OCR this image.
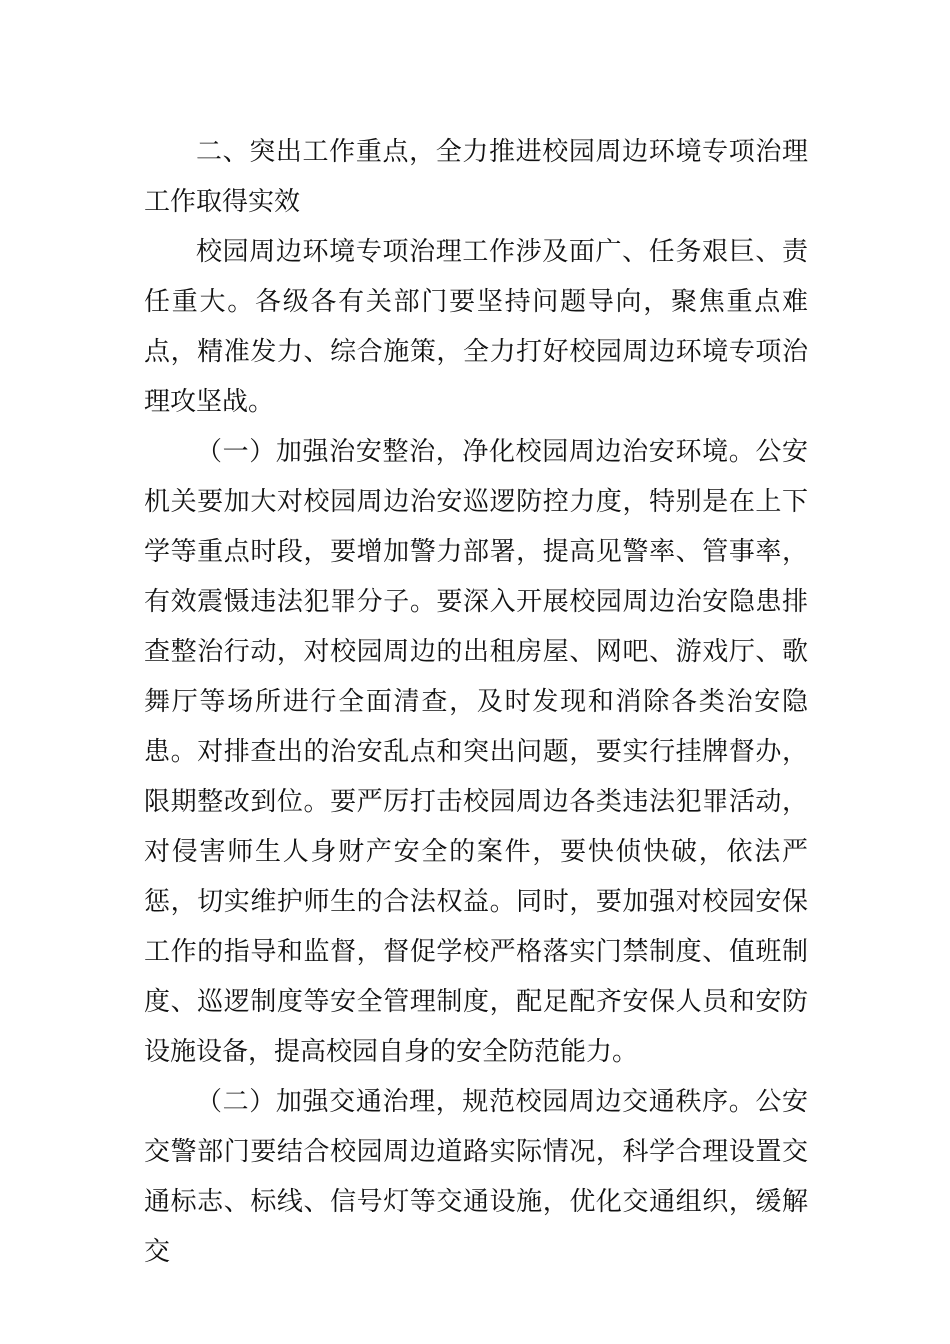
二、突出工作重点，全力推进校园周边环境专项治理工作取得实效

校园周边环境专项治理工作涉及面广、任务艰巨、责任重大。各级各有关部门要坚持问题导向，聚焦重点难点，精准发力、综合施策，全力打好校园周边环境专项治理攻坚战。

（一）加强治安整治，净化校园周边治安环境。公安机关要加大对校园周边治安巡逻防控力度，特别是在上下学等重点时段，要增加警力部署，提高见警率、管事率，有效震慑违法犯罪分子。要深入开展校园周边治安隐患排查整治行动，对校园周边的出租房屋、网吧、游戏厅、歌舞厅等场所进行全面清查，及时发现和消除各类治安隐患。对排查出的治安乱点和突出问题，要实行挂牌督办，限期整改到位。要严厉打击校园周边各类违法犯罪活动，对侵害师生人身财产安全的案件，要快侦快破，依法严惩，切实维护师生的合法权益。同时，要加强对校园安保工作的指导和监督，督促学校严格落实门禁制度、值班制度、巡逻制度等安全管理制度，配足配齐安保人员和安防设施设备，提高校园自身的安全防范能力。

（二）加强交通治理，规范校园周边交通秩序。公安交警部门要结合校园周边道路实际情况，科学合理设置交通标志、标线、信号灯等交通设施，优化交通组织，缓解交
